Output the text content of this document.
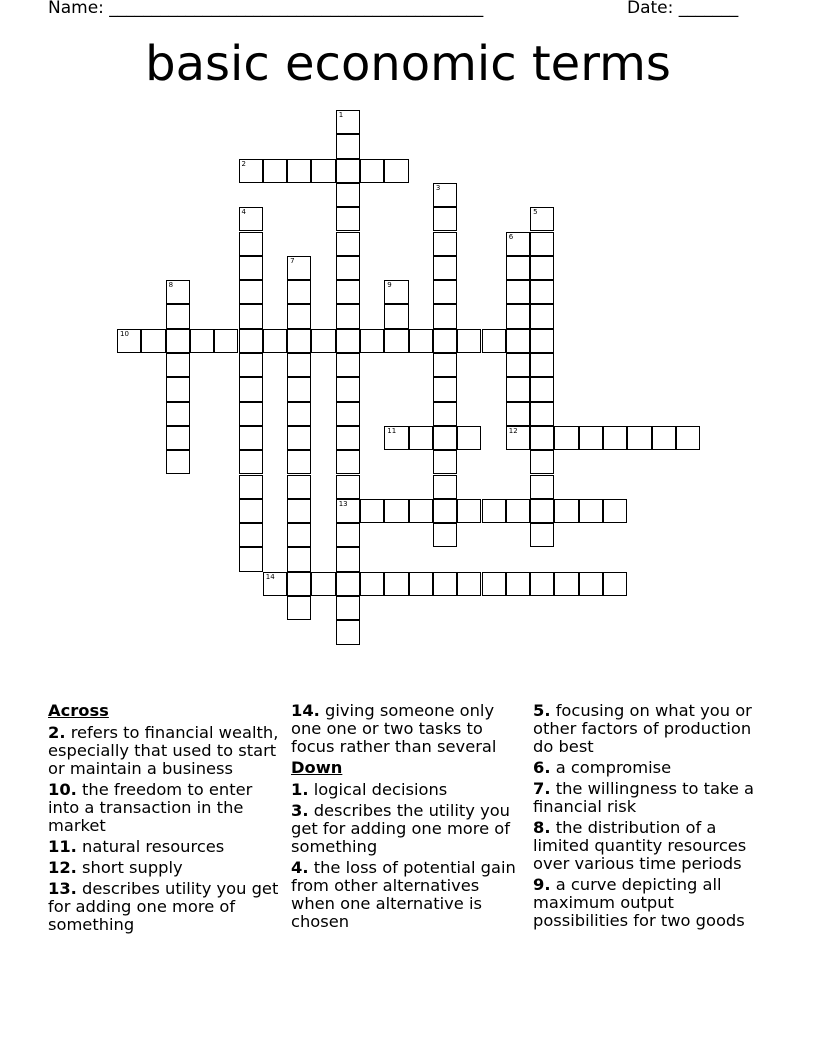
Name: ____________________________________________	Date: _______
basic economic terms
1
13
2
3
4	5
6
7
8	9
10
11	12
14
Across
2. refers to financial wealth, especially that used to start or maintain a business
10. the freedom to enter into a transaction in the market
11. natural resources
12. short supply
13. describes utility you get for adding one more of something
14. giving someone only one one or two tasks to focus rather than several
Down
1. logical decisions
3. describes the utility you get for adding one more of something
4. the loss of potential gain from other alternatives when one alternative is chosen
5. focusing on what you or other factors of production do best
6. a compromise
7. the willingness to take a financial risk
8. the distribution of a limited quantity resources over various time periods
9. a curve depicting all maximum output possibilities for two goods
